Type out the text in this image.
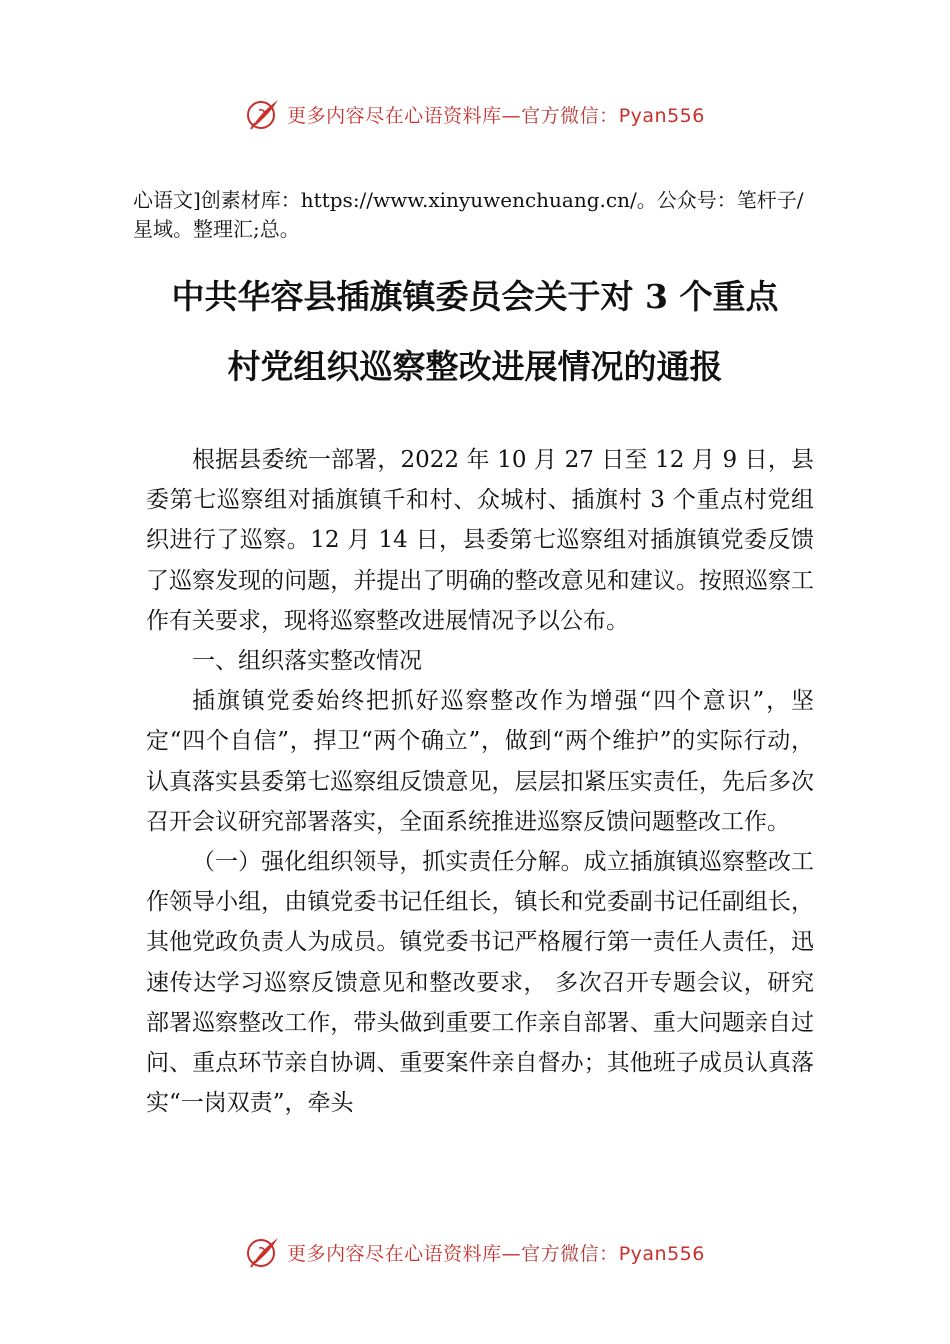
更多内容尽在心语资料库—官方微信：Pyan556
心语文]创素材库：https://www.xinyuwenchuang.cn/。公众号：笔杆子/星域。整理汇;总。
中共华容县插旗镇委员会关于对 3 个重点
村党组织巡察整改进展情况的通报

根据县委统一部署，2022 年 10 月 27 日至 12 月 9 日，县委第七巡察组对插旗镇千和村、众城村、插旗村 3 个重点村党组织进行了巡察。12 月 14 日，县委第七巡察组对插旗镇党委反馈了巡察发现的问题，并提出了明确的整改意见和建议。按照巡察工作有关要求，现将巡察整改进展情况予以公布。

一、组织落实整改情况

插旗镇党委始终把抓好巡察整改作为增强“四个意识”，坚定“四个自信”，捍卫“两个确立”，做到“两个维护”的实际行动，认真落实县委第七巡察组反馈意见，层层扣紧压实责任，先后多次召开会议研究部署落实，全面系统推进巡察反馈问题整改工作。

（一）强化组织领导，抓实责任分解。成立插旗镇巡察整改工作领导小组，由镇党委书记任组长，镇长和党委副书记任副组长，其他党政负责人为成员。镇党委书记严格履行第一责任人责任，迅速传达学习巡察反馈意见和整改要求， 多次召开专题会议，研究部署巡察整改工作，带头做到重要工作亲自部署、重大问题亲自过问、重点环节亲自协调、重要案件亲自督办；其他班子成员认真落实“一岗双责”，牵头

更多内容尽在心语资料库—官方微信：Pyan556
